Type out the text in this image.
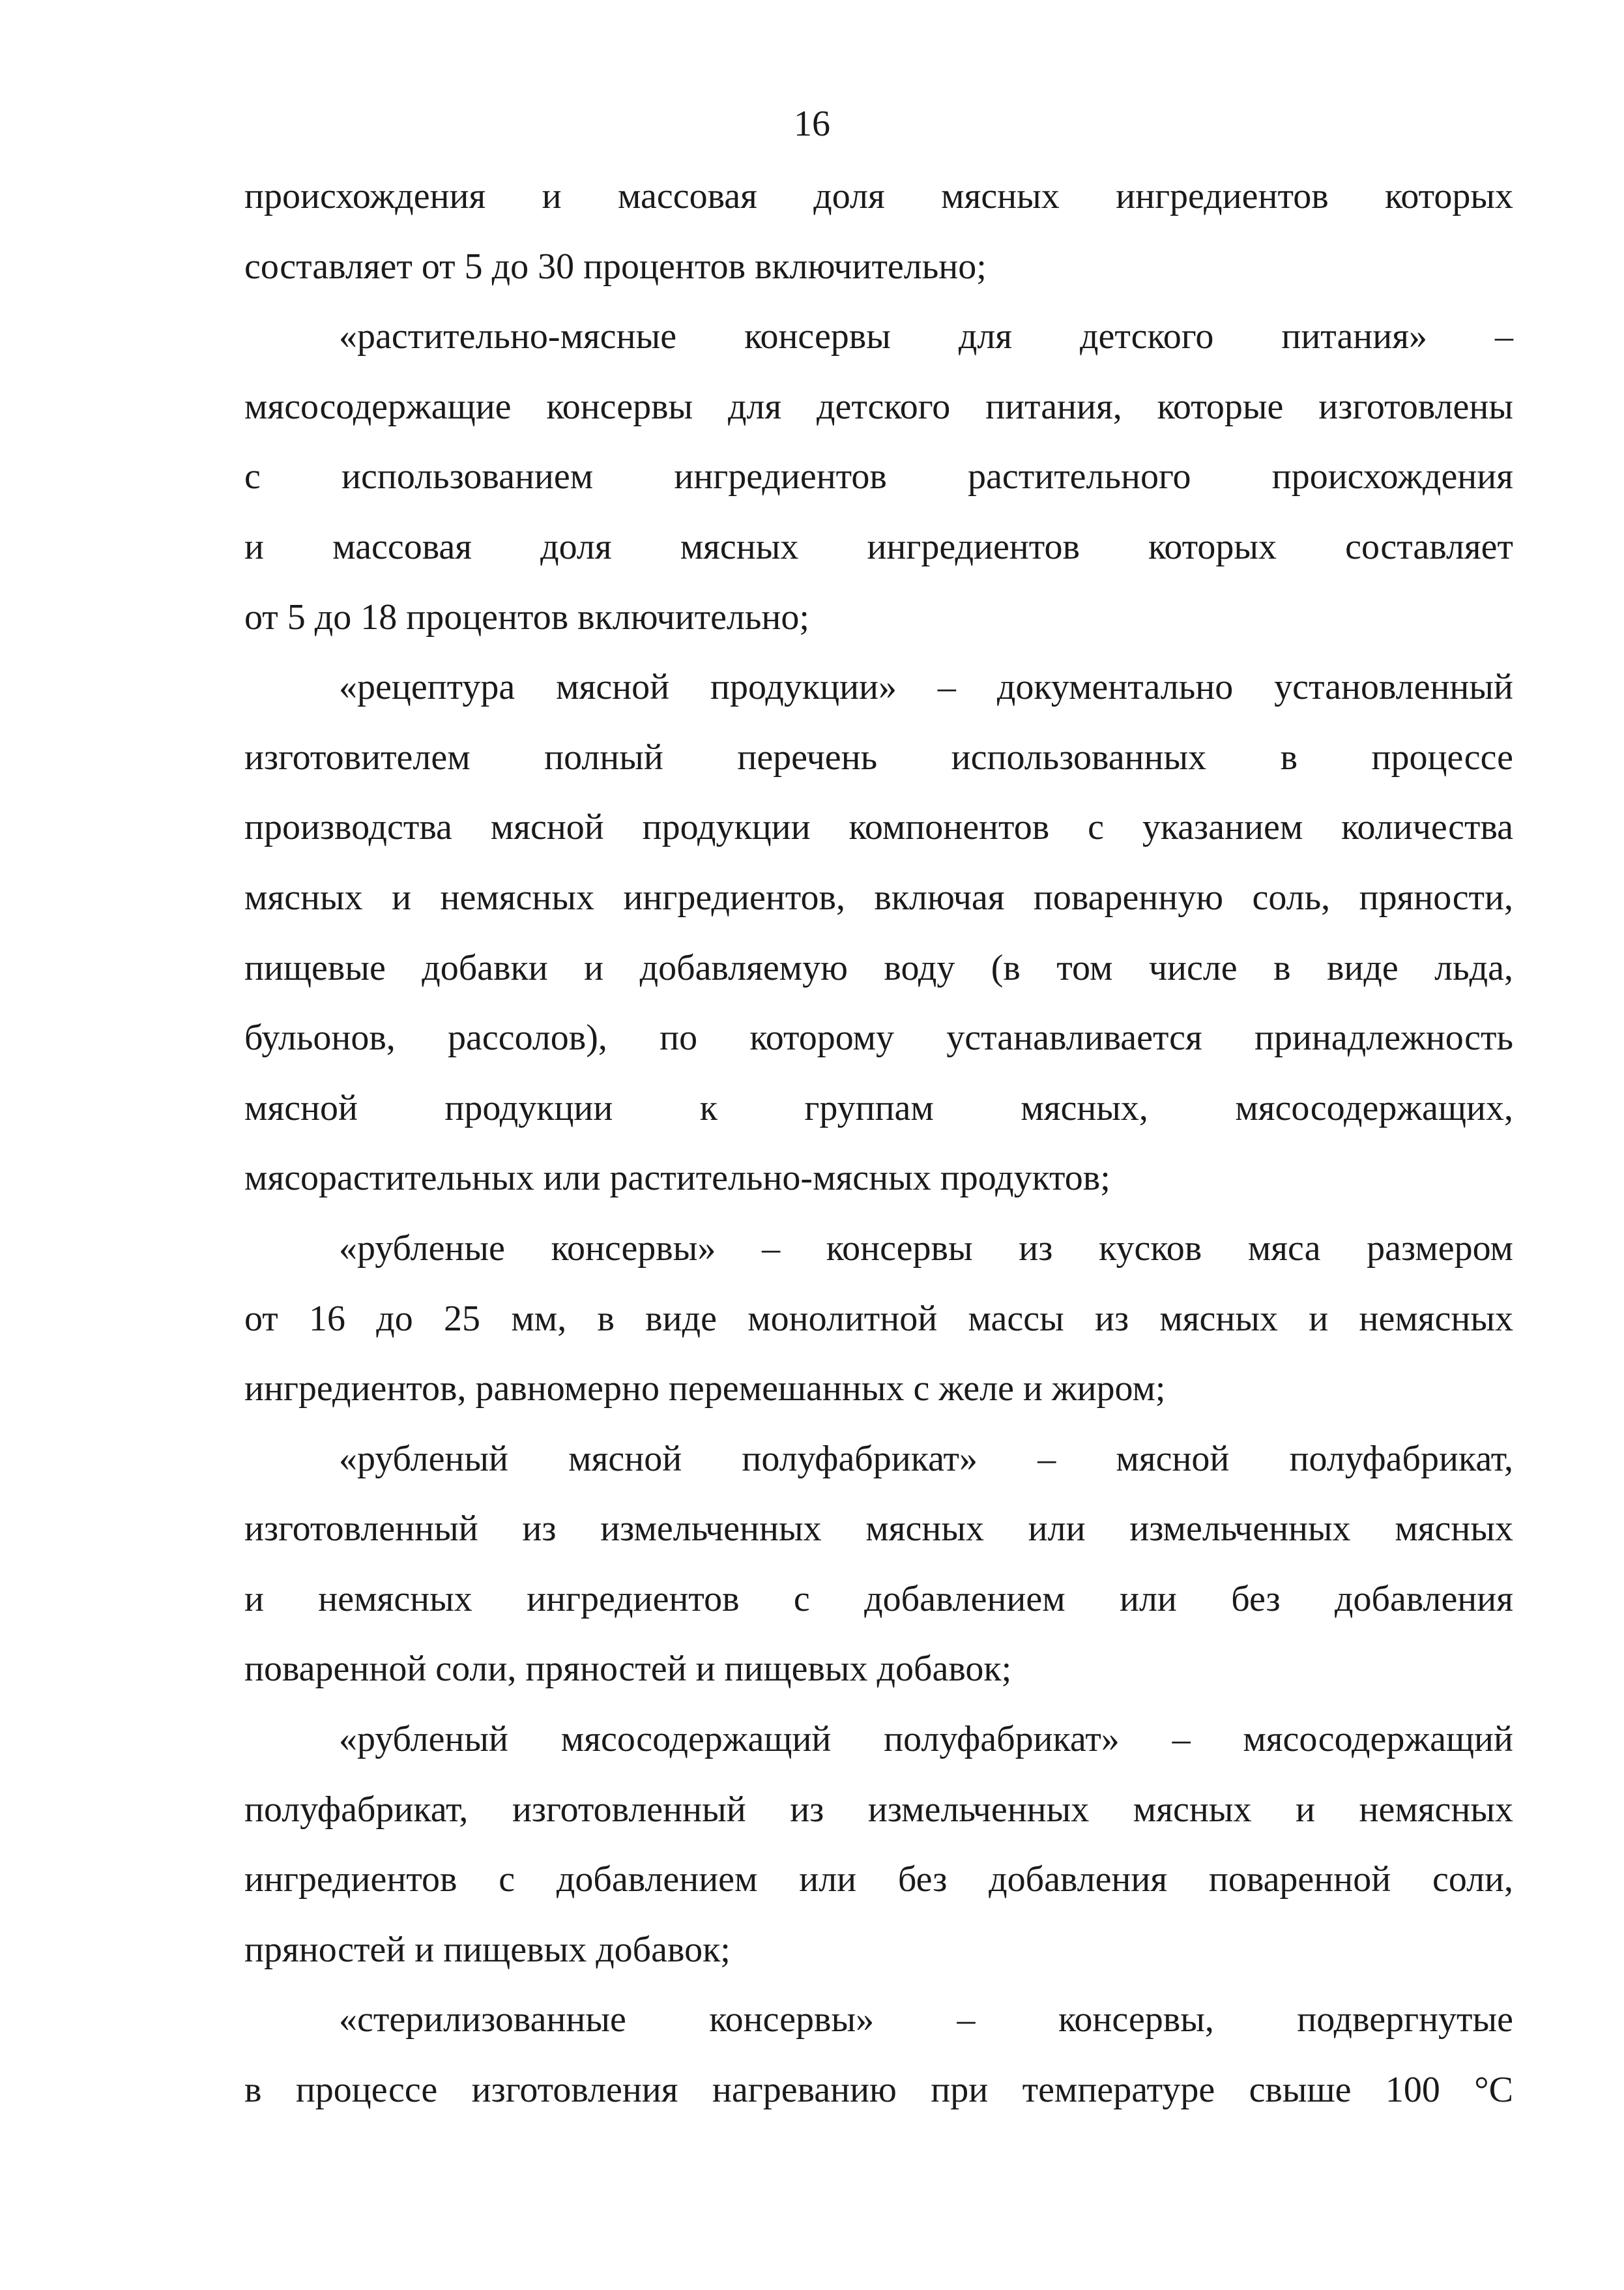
16
происхождения и массовая доля мясных ингредиентов которых
составляет от 5 до 30 процентов включительно;
«растительно-мясные консервы для детского питания» –
мясосодержащие консервы для детского питания, которые изготовлены
с использованием ингредиентов растительного происхождения
и массовая доля мясных ингредиентов которых составляет
от 5 до 18 процентов включительно;
«рецептура мясной продукции» – документально установленный
изготовителем полный перечень использованных в процессе
производства мясной продукции компонентов с указанием количества
мясных и немясных ингредиентов, включая поваренную соль, пряности,
пищевые добавки и добавляемую воду (в том числе в виде льда,
бульонов, рассолов), по которому устанавливается принадлежность
мясной продукции к группам мясных, мясосодержащих,
мясорастительных или растительно-мясных продуктов;
«рубленые консервы» – консервы из кусков мяса размером
от 16 до 25 мм, в виде монолитной массы из мясных и немясных
ингредиентов, равномерно перемешанных с желе и жиром;
«рубленый мясной полуфабрикат» – мясной полуфабрикат,
изготовленный из измельченных мясных или измельченных мясных
и немясных ингредиентов с добавлением или без добавления
поваренной соли, пряностей и пищевых добавок;
«рубленый мясосодержащий полуфабрикат» – мясосодержащий
полуфабрикат, изготовленный из измельченных мясных и немясных
ингредиентов с добавлением или без добавления поваренной соли,
пряностей и пищевых добавок;
«стерилизованные консервы» – консервы, подвергнутые
в процессе изготовления нагреванию при температуре свыше 100 °С
